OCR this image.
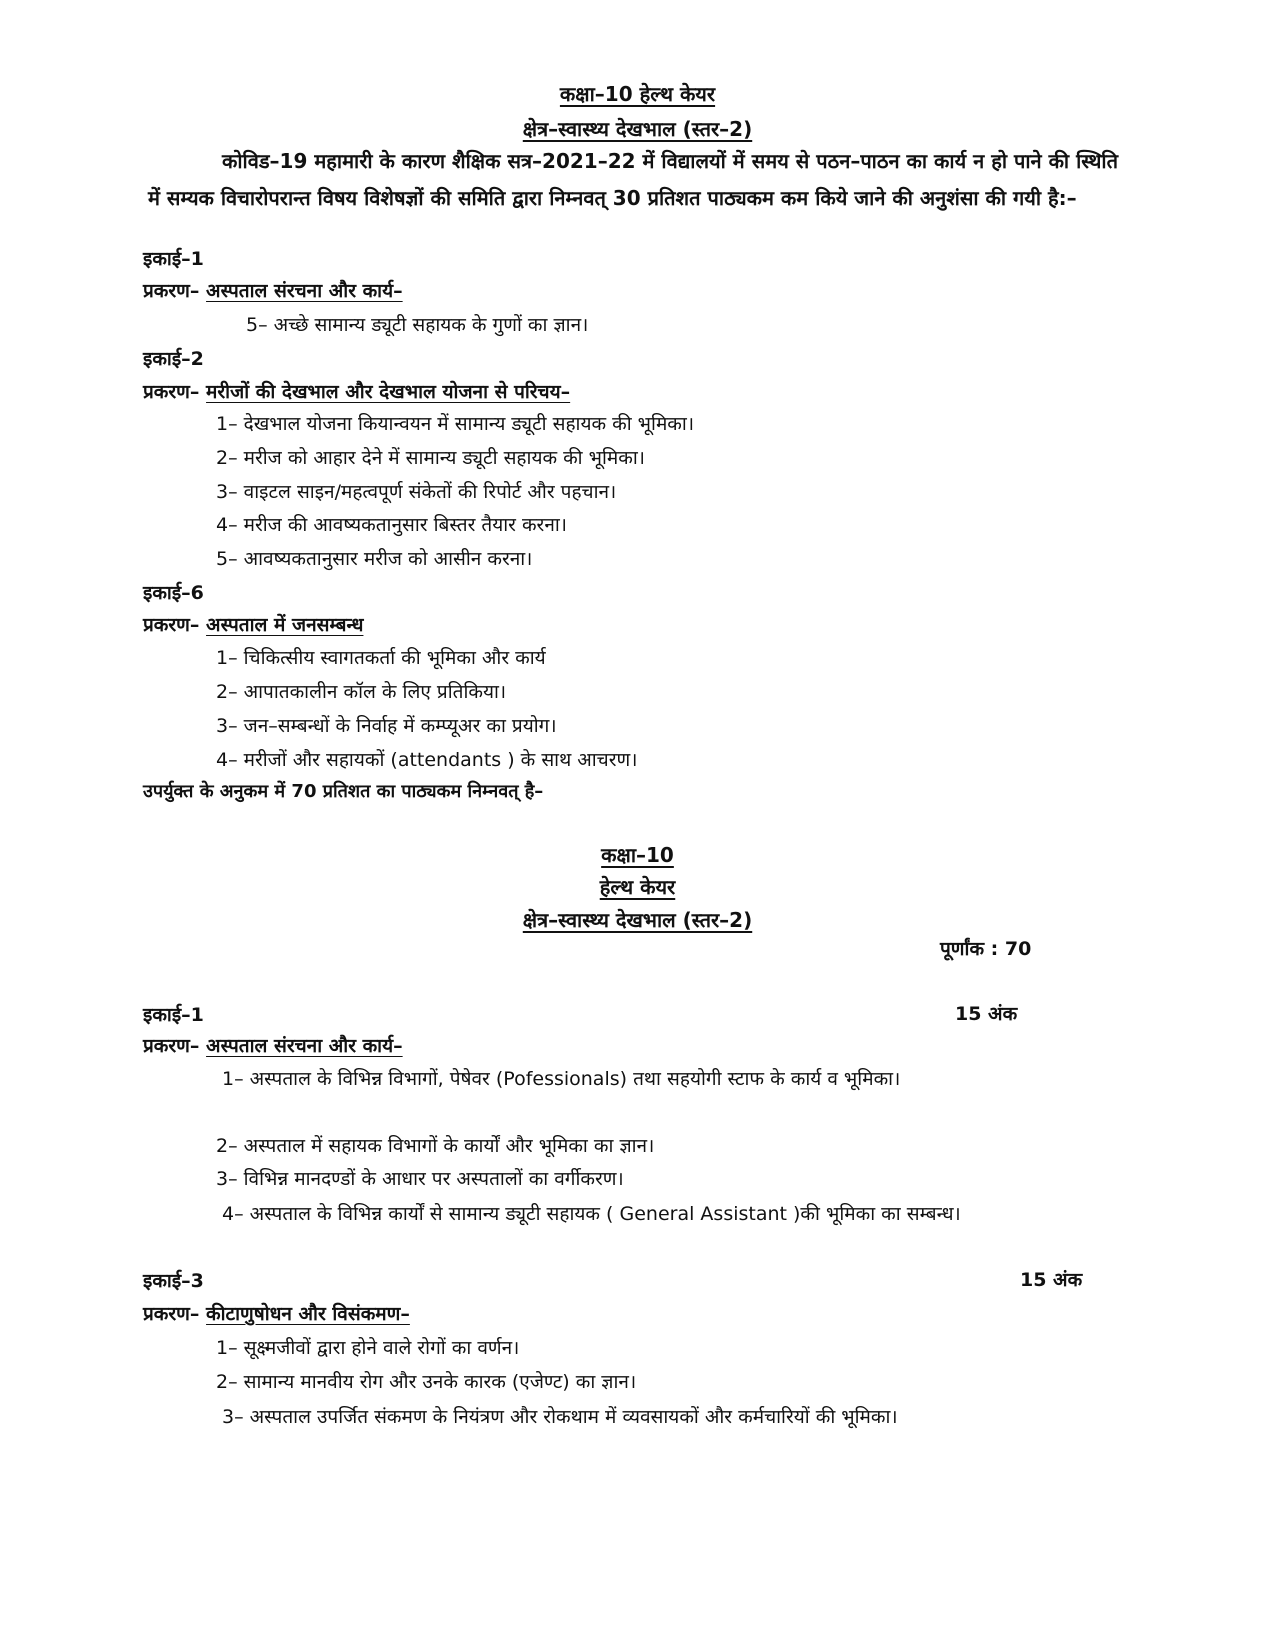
कक्षा–10 हेल्थ केयर
क्षेत्र–स्वास्थ्य देखभाल (स्तर–2)
कोविड–19 महामारी के कारण शैक्षिक सत्र–2021–22 में विद्यालयों में समय से पठन–पाठन का कार्य न हो पाने की स्थिति में सम्यक विचारोपरान्त विषय विशेषज्ञों की समिति द्वारा निम्नवत् 30 प्रतिशत पाठ्यकम कम किये जाने की अनुशंसा की गयी है:–
इकाई–1
प्रकरण– अस्पताल संरचना और कार्य–
5– अच्छे सामान्य ड्यूटी सहायक के गुणों का ज्ञान।
इकाई–2
प्रकरण– मरीजों की देखभाल और देखभाल योजना से परिचय–
1– देखभाल योजना कियान्वयन में सामान्य ड्यूटी सहायक की भूमिका।
2– मरीज को आहार देने में सामान्य ड्यूटी सहायक की भूमिका।
3– वाइटल साइन/महत्वपूर्ण संकेतों की रिपोर्ट और पहचान।
4– मरीज की आवष्यकतानुसार बिस्तर तैयार करना।
5– आवष्यकतानुसार मरीज को आसीन करना।
इकाई–6
प्रकरण– अस्पताल में जनसम्बन्ध
1– चिकित्सीय स्वागतकर्ता की भूमिका और कार्य
2– आपातकालीन कॉल के लिए प्रतिकिया।
3– जन–सम्बन्धों के निर्वाह में कम्प्यूअर का प्रयोग।
4– मरीजों और सहायकों (attendants ) के साथ आचरण।
उपर्युक्त के अनुकम में 70 प्रतिशत का पाठ्यकम निम्नवत् है–
कक्षा–10
हेल्थ केयर
क्षेत्र–स्वास्थ्य देखभाल (स्तर–2)
पूर्णांक : 70
इकाई–1	15 अंक
प्रकरण– अस्पताल संरचना और कार्य–
1– अस्पताल के विभिन्न विभागों, पेषेवर (Pofessionals) तथा सहयोगी स्टाफ के कार्य व भूमिका।
2– अस्पताल में सहायक विभागों के कार्यों और भूमिका का ज्ञान।
3– विभिन्न मानदण्डों के आधार पर अस्पतालों का वर्गीकरण।
4– अस्पताल के विभिन्न कार्यों से सामान्य ड्यूटी सहायक ( General Assistant )की भूमिका का सम्बन्ध।
इकाई–3	15 अंक
प्रकरण– कीटाणुषोधन और विसंकमण–
1– सूक्ष्मजीवों द्वारा होने वाले रोगों का वर्णन।
2– सामान्य मानवीय रोग और उनके कारक (एजेण्ट) का ज्ञान।
3– अस्पताल उपर्जित संकमण के नियंत्रण और रोकथाम में व्यवसायकों और कर्मचारियों की भूमिका।
